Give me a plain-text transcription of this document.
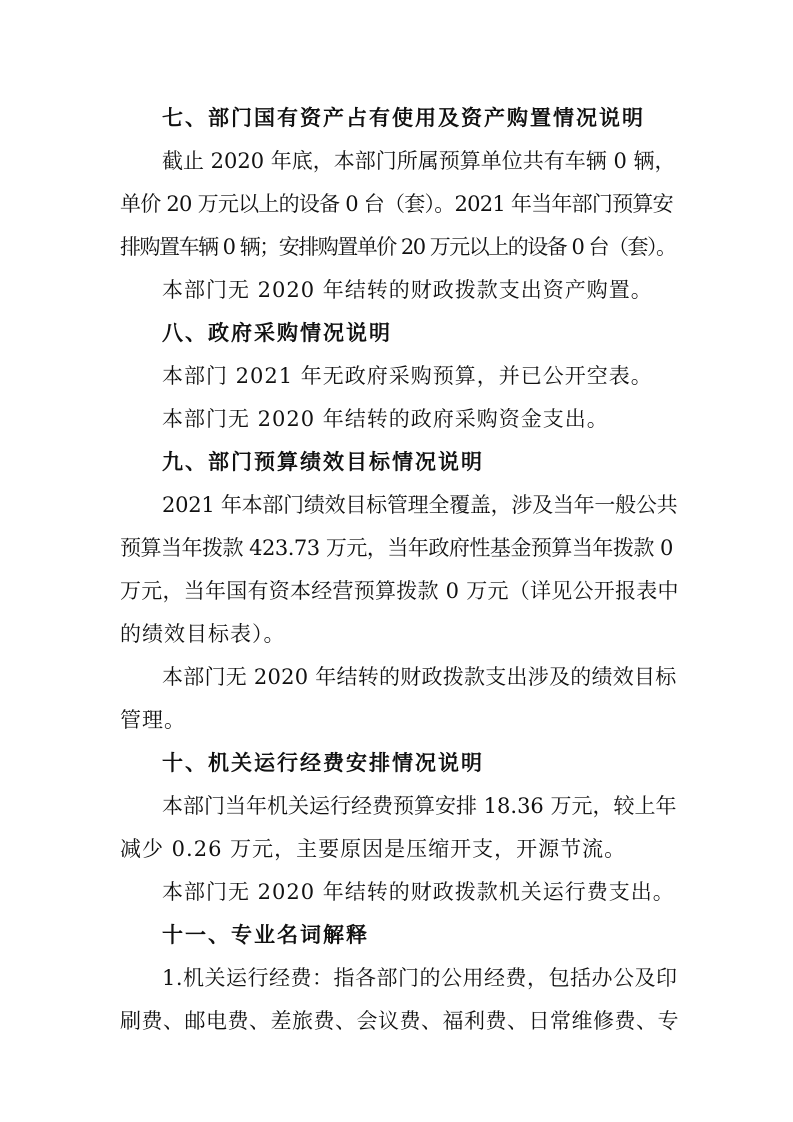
七、部门国有资产占有使用及资产购置情况说明
截止 2020 年底，本部门所属预算单位共有车辆 0 辆，
单价 20 万元以上的设备 0 台（套）。2021 年当年部门预算安
排购置车辆 0 辆；安排购置单价 20 万元以上的设备 0 台（套）。
本部门无 2020 年结转的财政拨款支出资产购置。
八、政府采购情况说明
本部门 2021 年无政府采购预算，并已公开空表。
本部门无 2020 年结转的政府采购资金支出。
九、部门预算绩效目标情况说明
2021 年本部门绩效目标管理全覆盖，涉及当年一般公共
预算当年拨款 423.73 万元，当年政府性基金预算当年拨款 0
万元，当年国有资本经营预算拨款 0 万元（详见公开报表中
的绩效目标表）。
本部门无 2020 年结转的财政拨款支出涉及的绩效目标
管理。
十、机关运行经费安排情况说明
本部门当年机关运行经费预算安排 18.36 万元，较上年
减少 0.26 万元，主要原因是压缩开支，开源节流。
本部门无 2020 年结转的财政拨款机关运行费支出。
十一、专业名词解释
1.机关运行经费：指各部门的公用经费，包括办公及印
刷费、邮电费、差旅费、会议费、福利费、日常维修费、专
